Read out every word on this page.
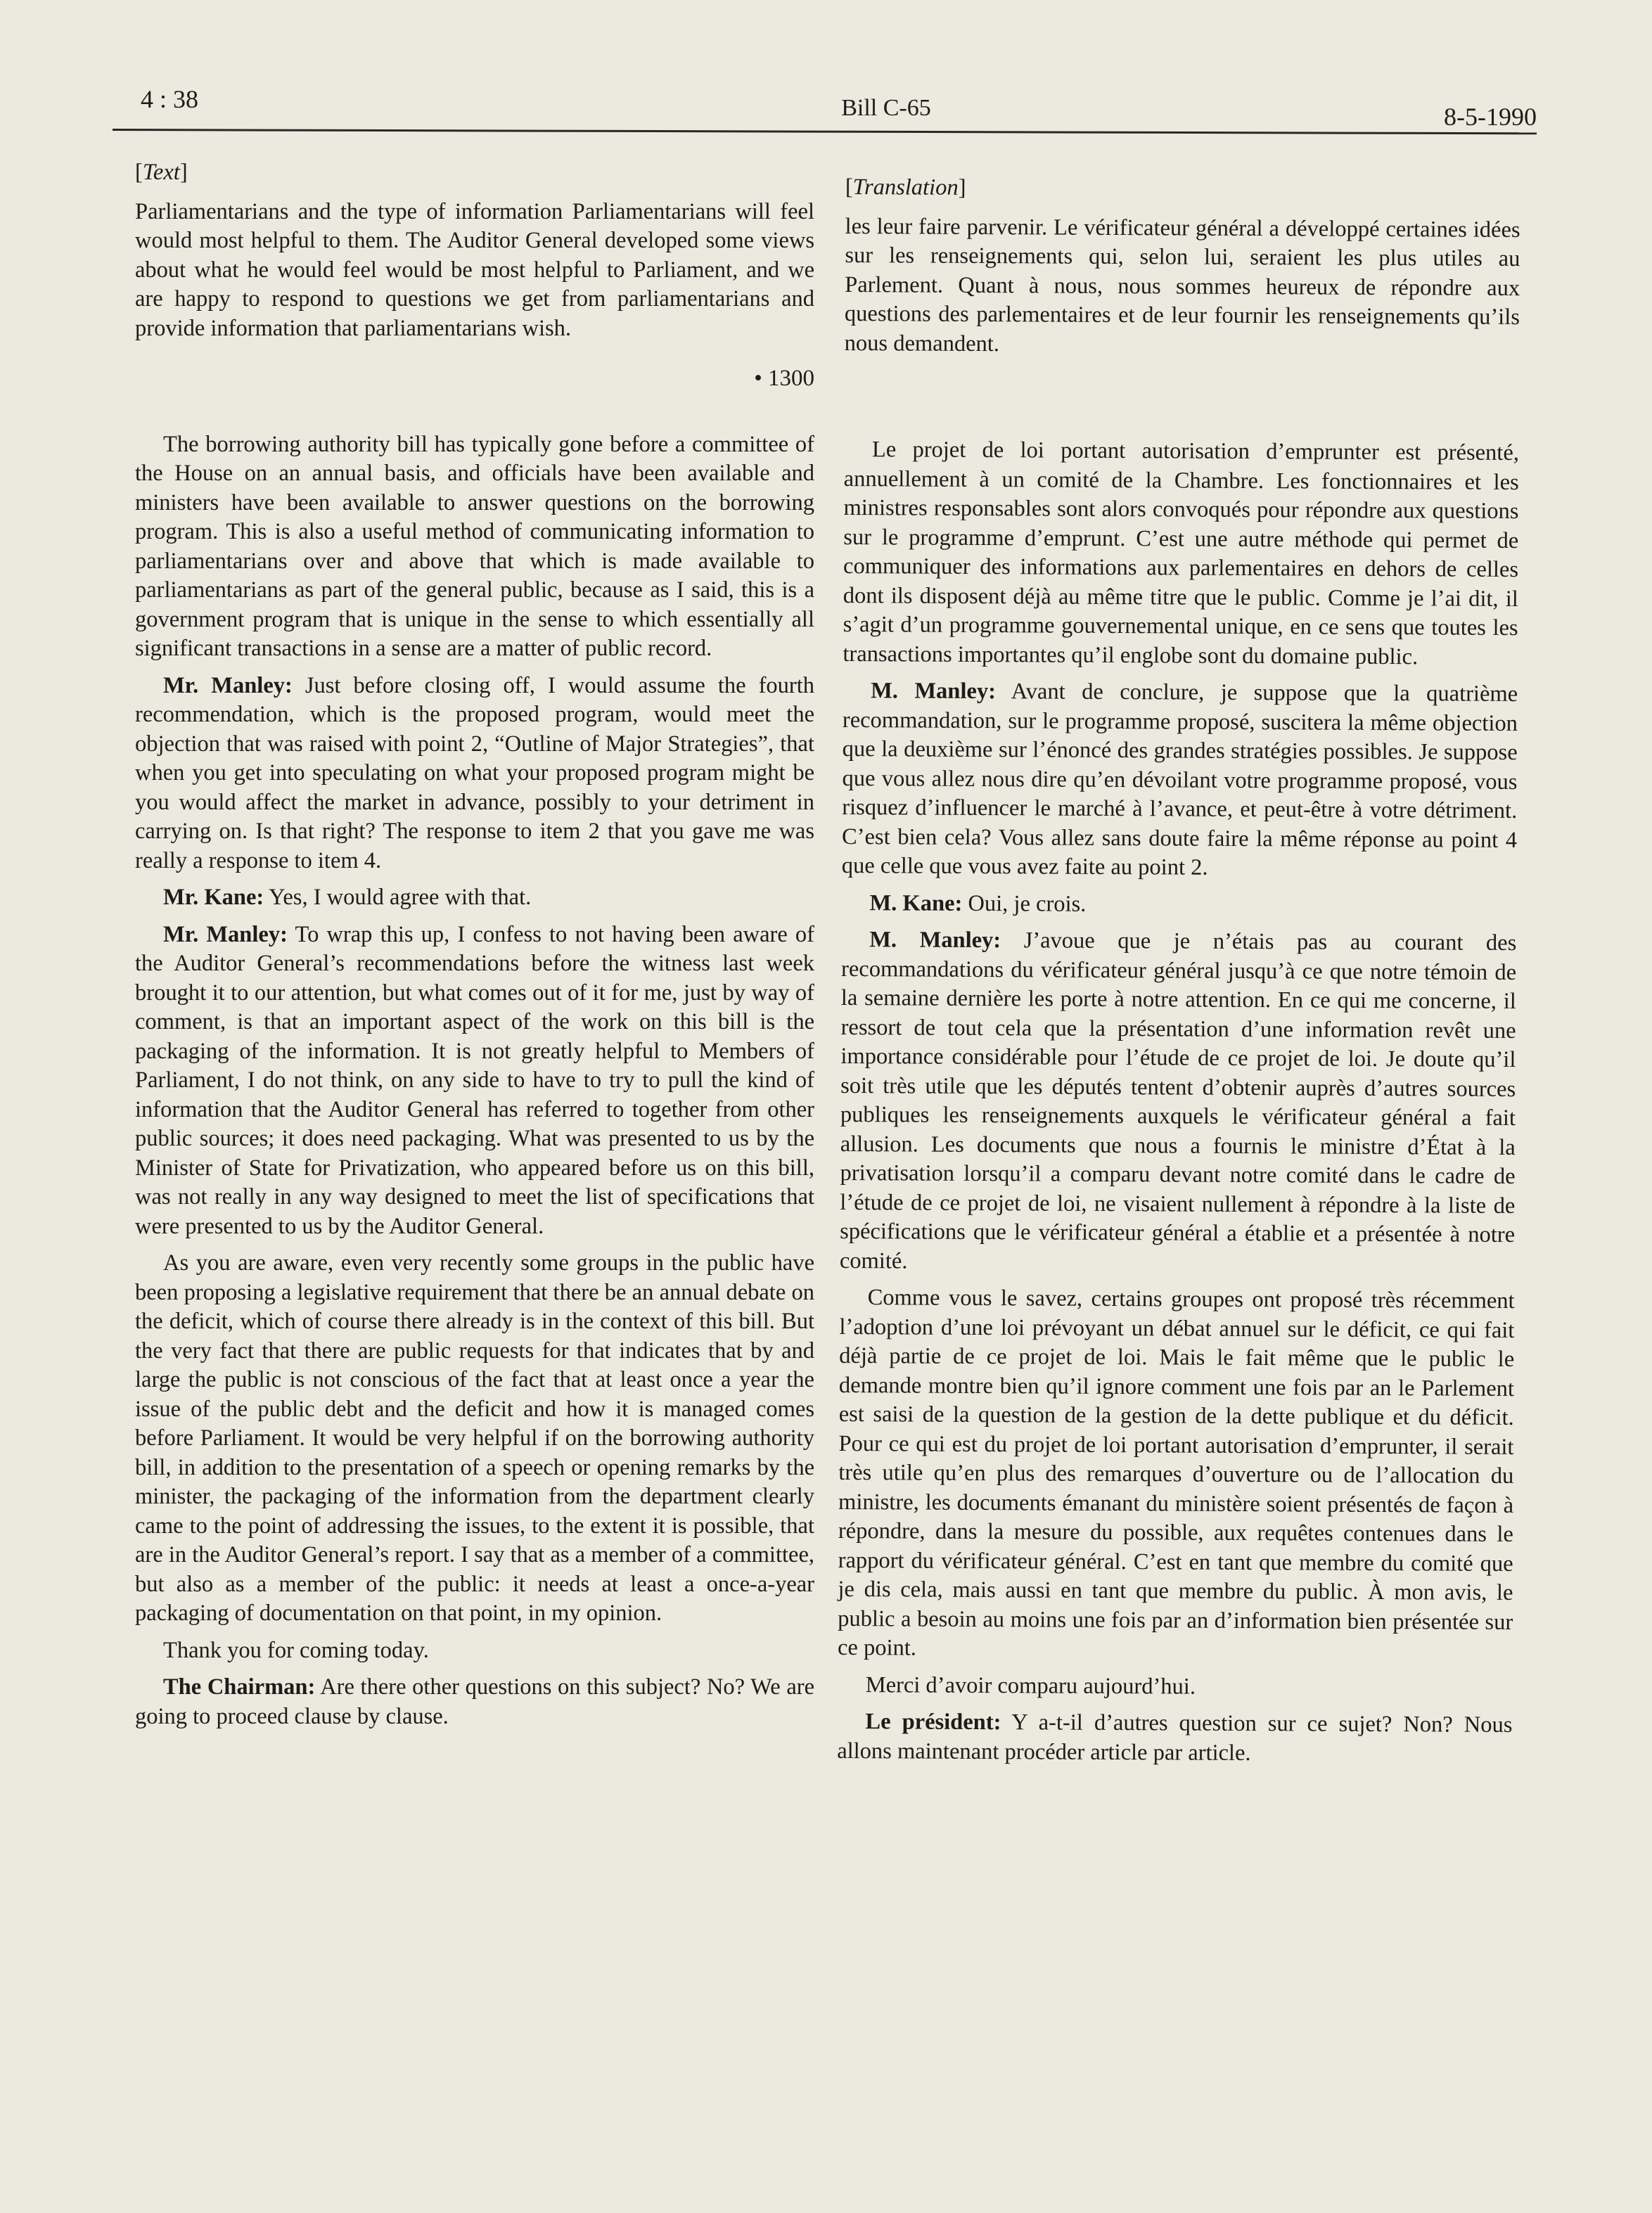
4 : 38	Bill C-65	8-5-1990

[Text]

Parliamentarians and the type of information Parliamentarians will feel would most helpful to them. The Auditor General developed some views about what he would feel would be most helpful to Parliament, and we are happy to respond to questions we get from parliamentarians and provide information that parliamentarians wish.

• 1300

The borrowing authority bill has typically gone before a committee of the House on an annual basis, and officials have been available and ministers have been available to answer questions on the borrowing program. This is also a useful method of communicating information to parliamentarians over and above that which is made available to parliamentarians as part of the general public, because as I said, this is a government program that is unique in the sense to which essentially all significant transactions in a sense are a matter of public record.

Mr. Manley: Just before closing off, I would assume the fourth recommendation, which is the proposed program, would meet the objection that was raised with point 2, “Outline of Major Strategies”, that when you get into speculating on what your proposed program might be you would affect the market in advance, possibly to your detriment in carrying on. Is that right? The response to item 2 that you gave me was really a response to item 4.

Mr. Kane: Yes, I would agree with that.

Mr. Manley: To wrap this up, I confess to not having been aware of the Auditor General’s recommendations before the witness last week brought it to our attention, but what comes out of it for me, just by way of comment, is that an important aspect of the work on this bill is the packaging of the information. It is not greatly helpful to Members of Parliament, I do not think, on any side to have to try to pull the kind of information that the Auditor General has referred to together from other public sources; it does need packaging. What was presented to us by the Minister of State for Privatization, who appeared before us on this bill, was not really in any way designed to meet the list of specifications that were presented to us by the Auditor General.

As you are aware, even very recently some groups in the public have been proposing a legislative requirement that there be an annual debate on the deficit, which of course there already is in the context of this bill. But the very fact that there are public requests for that indicates that by and large the public is not conscious of the fact that at least once a year the issue of the public debt and the deficit and how it is managed comes before Parliament. It would be very helpful if on the borrowing authority bill, in addition to the presentation of a speech or opening remarks by the minister, the packaging of the information from the department clearly came to the point of addressing the issues, to the extent it is possible, that are in the Auditor General’s report. I say that as a member of a committee, but also as a member of the public: it needs at least a once-a-year packaging of documentation on that point, in my opinion.

Thank you for coming today.

The Chairman: Are there other questions on this subject? No? We are going to proceed clause by clause.

[Translation]

les leur faire parvenir. Le vérificateur général a développé certaines idées sur les renseignements qui, selon lui, seraient les plus utiles au Parlement. Quant à nous, nous sommes heureux de répondre aux questions des parlementaires et de leur fournir les renseignements qu’ils nous demandent.

Le projet de loi portant autorisation d’emprunter est présenté, annuellement à un comité de la Chambre. Les fonctionnaires et les ministres responsables sont alors convoqués pour répondre aux questions sur le programme d’emprunt. C’est une autre méthode qui permet de communiquer des informations aux parlementaires en dehors de celles dont ils disposent déjà au même titre que le public. Comme je l’ai dit, il s’agit d’un programme gouvernemental unique, en ce sens que toutes les transactions importantes qu’il englobe sont du domaine public.

M. Manley: Avant de conclure, je suppose que la quatrième recommandation, sur le programme proposé, suscitera la même objection que la deuxième sur l’énoncé des grandes stratégies possibles. Je suppose que vous allez nous dire qu’en dévoilant votre programme proposé, vous risquez d’influencer le marché à l’avance, et peut-être à votre détriment. C’est bien cela? Vous allez sans doute faire la même réponse au point 4 que celle que vous avez faite au point 2.

M. Kane: Oui, je crois.

M. Manley: J’avoue que je n’étais pas au courant des recommandations du vérificateur général jusqu’à ce que notre témoin de la semaine dernière les porte à notre attention. En ce qui me concerne, il ressort de tout cela que la présentation d’une information revêt une importance considérable pour l’étude de ce projet de loi. Je doute qu’il soit très utile que les députés tentent d’obtenir auprès d’autres sources publiques les renseignements auxquels le vérificateur général a fait allusion. Les documents que nous a fournis le ministre d’État à la privatisation lorsqu’il a comparu devant notre comité dans le cadre de l’étude de ce projet de loi, ne visaient nullement à répondre à la liste de spécifications que le vérificateur général a établie et a présentée à notre comité.

Comme vous le savez, certains groupes ont proposé très récemment l’adoption d’une loi prévoyant un débat annuel sur le déficit, ce qui fait déjà partie de ce projet de loi. Mais le fait même que le public le demande montre bien qu’il ignore comment une fois par an le Parlement est saisi de la question de la gestion de la dette publique et du déficit. Pour ce qui est du projet de loi portant autorisation d’emprunter, il serait très utile qu’en plus des remarques d’ouverture ou de l’allocation du ministre, les documents émanant du ministère soient présentés de façon à répondre, dans la mesure du possible, aux requêtes contenues dans le rapport du vérificateur général. C’est en tant que membre du comité que je dis cela, mais aussi en tant que membre du public. À mon avis, le public a besoin au moins une fois par an d’information bien présentée sur ce point.

Merci d’avoir comparu aujourd’hui.

Le président: Y a-t-il d’autres question sur ce sujet? Non? Nous allons maintenant procéder article par article.
